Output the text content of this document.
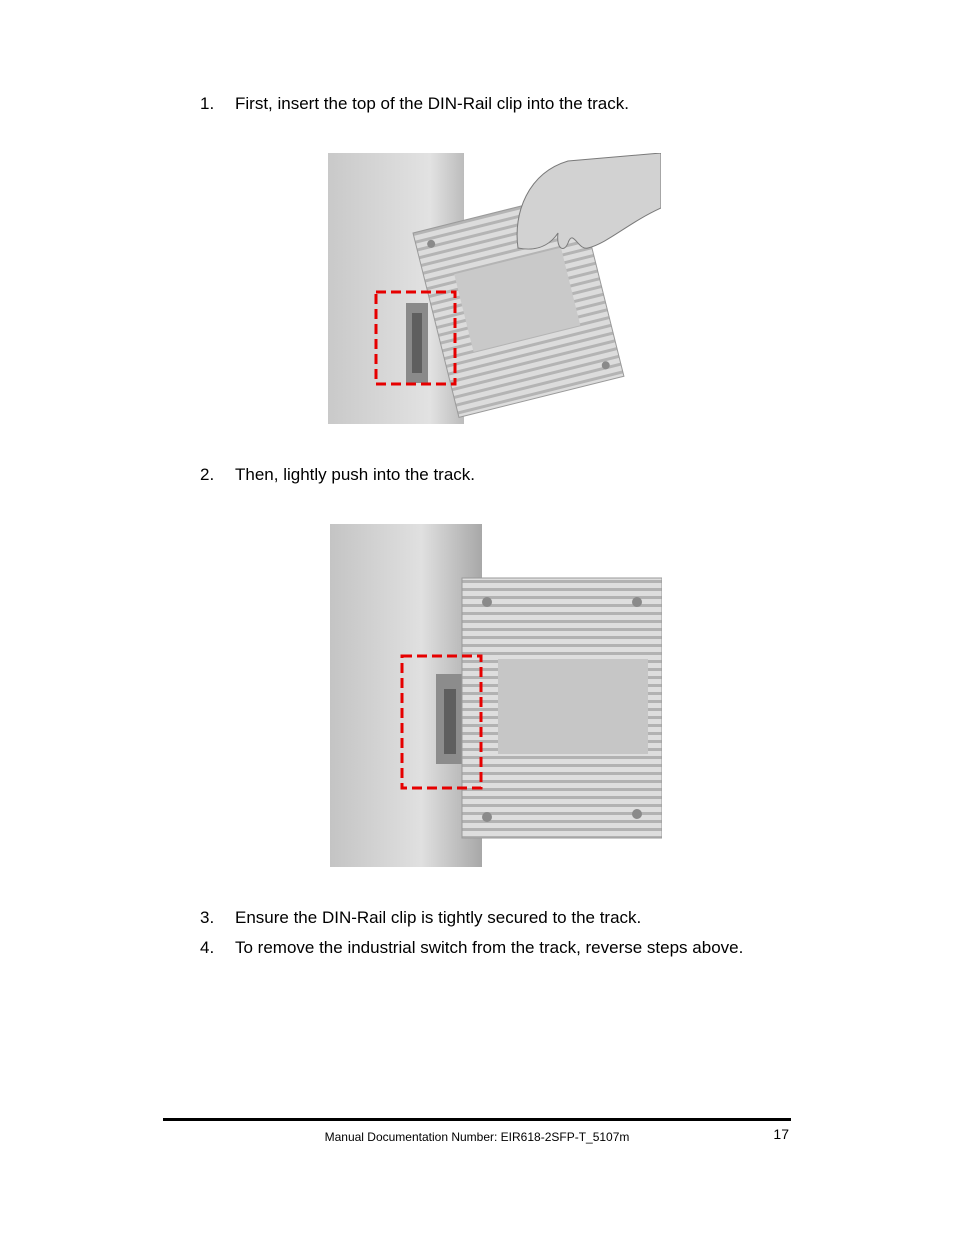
1. First, insert the top of the DIN-Rail clip into the track.
2. Then, lightly push into the track.
3. Ensure the DIN-Rail clip is tightly secured to the track.
4. To remove the industrial switch from the track, reverse steps above.
Manual Documentation Number: EIR618-2SFP-T_5107m	17
